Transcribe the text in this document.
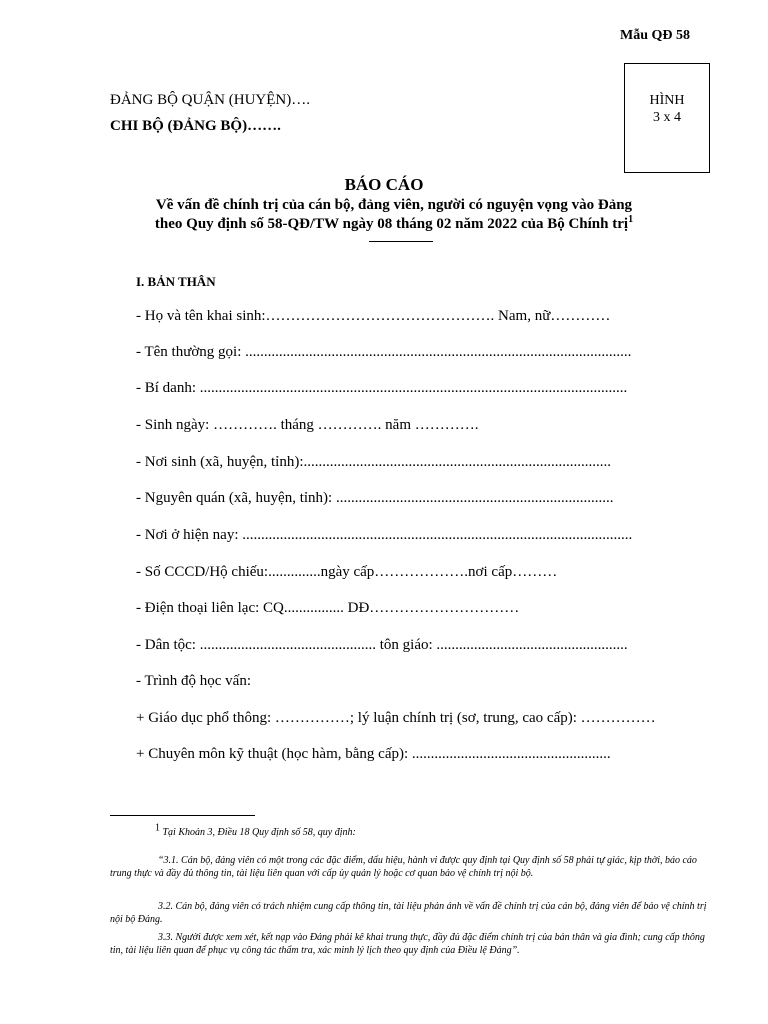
Mẫu QĐ 58
HÌNH
3 x 4
ĐẢNG BỘ QUẬN (HUYỆN)….
CHI BỘ (ĐẢNG BỘ)…….
BÁO CÁO
Về vấn đề chính trị của cán bộ, đảng viên, người có nguyện vọng vào Đảng
theo Quy định số 58-QĐ/TW ngày 08 tháng 02 năm 2022 của Bộ Chính trị$^1$
I. BẢN THÂN
- Họ và tên khai sinh:………………………………………. Nam, nữ…………
- Tên thường gọi: .......................................................................................................
- Bí danh: ..................................................................................................................
- Sinh ngày: …………. tháng …………. năm ………….
- Nơi sinh (xã, huyện, tỉnh):..................................................................................
- Nguyên quán (xã, huyện, tỉnh): ..........................................................................
- Nơi ở hiện nay: ........................................................................................................
- Số CCCD/Hộ chiếu:..............ngày cấp……………….nơi cấp………
- Điện thoại liên lạc: CQ................ DĐ…………………………
- Dân tộc: ............................................... tôn giáo: ...................................................
- Trình độ học vấn:
+ Giáo dục phổ thông: ……………; lý luận chính trị (sơ, trung, cao cấp): ……………
+ Chuyên môn kỹ thuật (học hàm, bằng cấp): .....................................................
1 Tại Khoản 3, Điều 18 Quy định số 58, quy định:
“3.1. Cán bộ, đảng viên có một trong các đặc điểm, dấu hiệu, hành vi được quy định tại Quy định số 58 phải tự giác, kịp thời, báo cáo trung thực và đầy đủ thông tin, tài liệu liên quan với cấp ủy quản lý hoặc cơ quan bảo vệ chính trị nội bộ.
3.2. Cán bộ, đảng viên có trách nhiệm cung cấp thông tin, tài liệu phản ánh về vấn đề chính trị của cán bộ, đảng viên để bảo vệ chính trị nội bộ Đảng.
3.3. Người được xem xét, kết nạp vào Đảng phải kê khai trung thực, đầy đủ đặc điểm chính trị của bản thân và gia đình; cung cấp thông tin, tài liệu liên quan để phục vụ công tác thẩm tra, xác minh lý lịch theo quy định của Điều lệ Đảng”.
